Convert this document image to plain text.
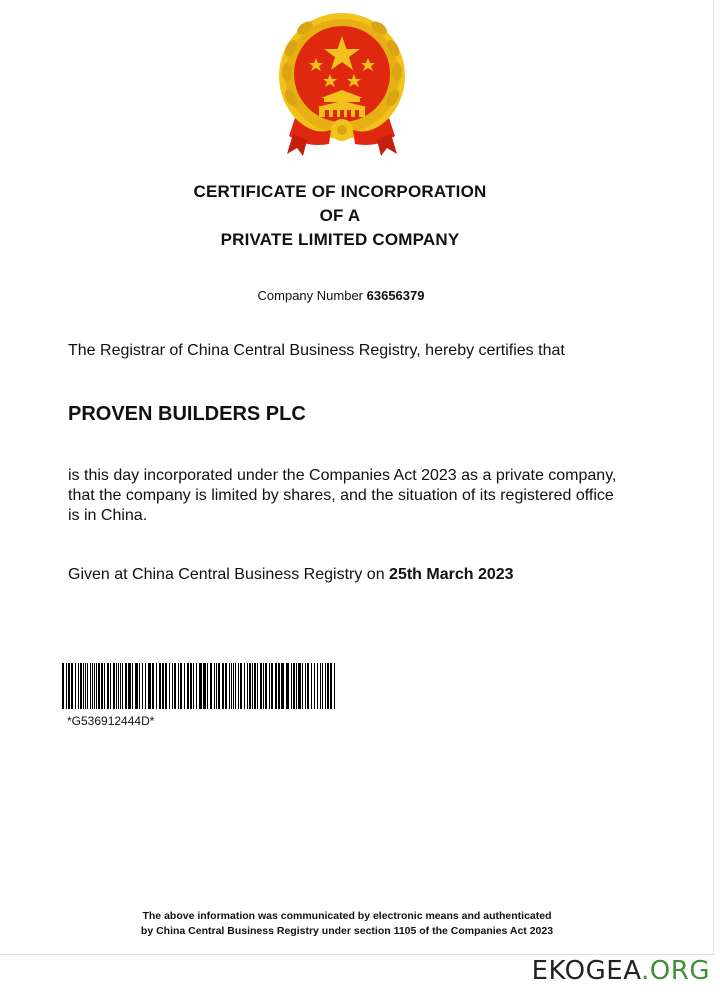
CERTIFICATE OF INCORPORATION
OF A
PRIVATE LIMITED COMPANY
Company Number 63656379
The Registrar of China Central Business Registry, hereby certifies that
PROVEN BUILDERS PLC
is this day incorporated under the Companies Act 2023 as a private company, that the company is limited by shares, and the situation of its registered office is in China.
Given at China Central Business Registry on 25th March 2023
*G536912444D*
The above information was communicated by electronic means and authenticated
by China Central Business Registry under section 1105 of the Companies Act 2023
EKOGEA.ORG
